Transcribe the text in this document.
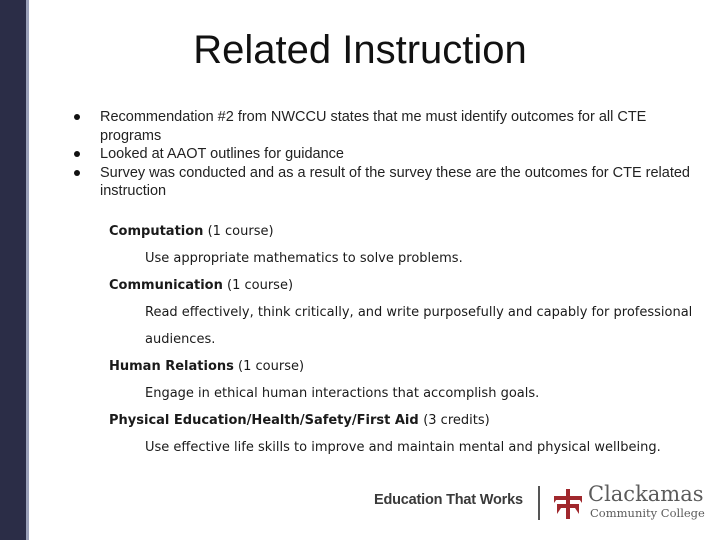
Related Instruction
Recommendation #2 from NWCCU states that me must identify outcomes for all CTE programs
Looked at AAOT outlines for guidance
Survey was conducted and as a result of the survey these are the outcomes for CTE related instruction
Computation (1 course)
Use appropriate mathematics to solve problems.
Communication (1 course)
Read effectively, think critically, and write purposefully and capably for professional audiences.
Human Relations (1 course)
Engage in ethical human interactions that accomplish goals.
Physical Education/Health/Safety/First Aid (3 credits)
Use effective life skills to improve and maintain mental and physical wellbeing.
Education That Works	Clackamas
Community College
